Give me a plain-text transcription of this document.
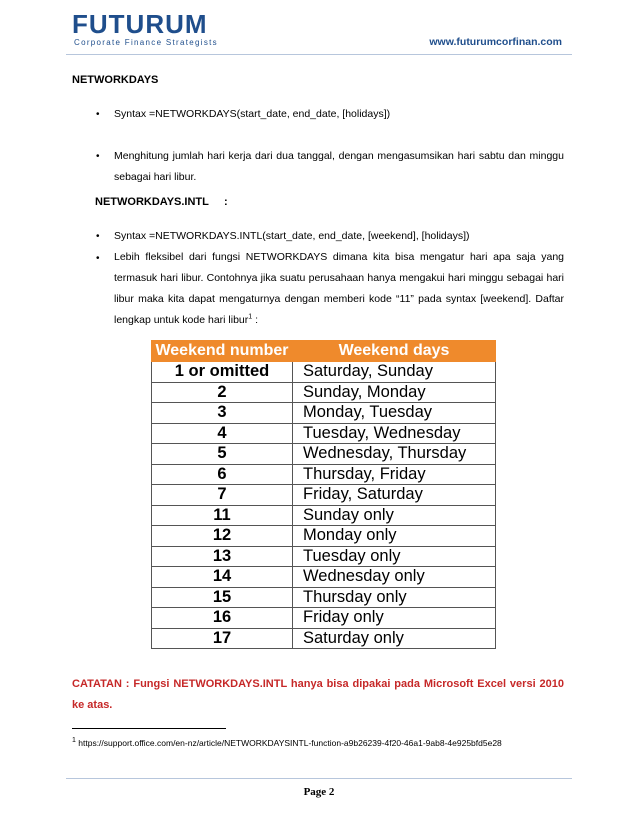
FUTURUM
Corporate Finance Strategists	www.futurumcorfinan.com
NETWORKDAYS
• Syntax =NETWORKDAYS(start_date, end_date, [holidays])
• Menghitung jumlah hari kerja dari dua tanggal, dengan mengasumsikan hari sabtu dan minggu sebagai hari libur.
NETWORKDAYS.INTL     :
• Syntax =NETWORKDAYS.INTL(start_date, end_date, [weekend], [holidays])
• Lebih fleksibel dari fungsi NETWORKDAYS dimana kita bisa mengatur hari apa saja yang termasuk hari libur. Contohnya jika suatu perusahaan hanya mengakui hari minggu sebagai hari libur maka kita dapat mengaturnya dengan memberi kode “11” pada syntax [weekend]. Daftar lengkap untuk kode hari libur$^1$ :
Weekend number	Weekend days
1 or omitted	Saturday, Sunday
2	Sunday, Monday
3	Monday, Tuesday
4	Tuesday, Wednesday
5	Wednesday, Thursday
6	Thursday, Friday
7	Friday, Saturday
11	Sunday only
12	Monday only
13	Tuesday only
14	Wednesday only
15	Thursday only
16	Friday only
17	Saturday only
CATATAN : Fungsi NETWORKDAYS.INTL hanya bisa dipakai pada Microsoft Excel versi 2010 ke atas.
$^1$ https://support.office.com/en-nz/article/NETWORKDAYSINTL-function-a9b26239-4f20-46a1-9ab8-4e925bfd5e28
Page 2
